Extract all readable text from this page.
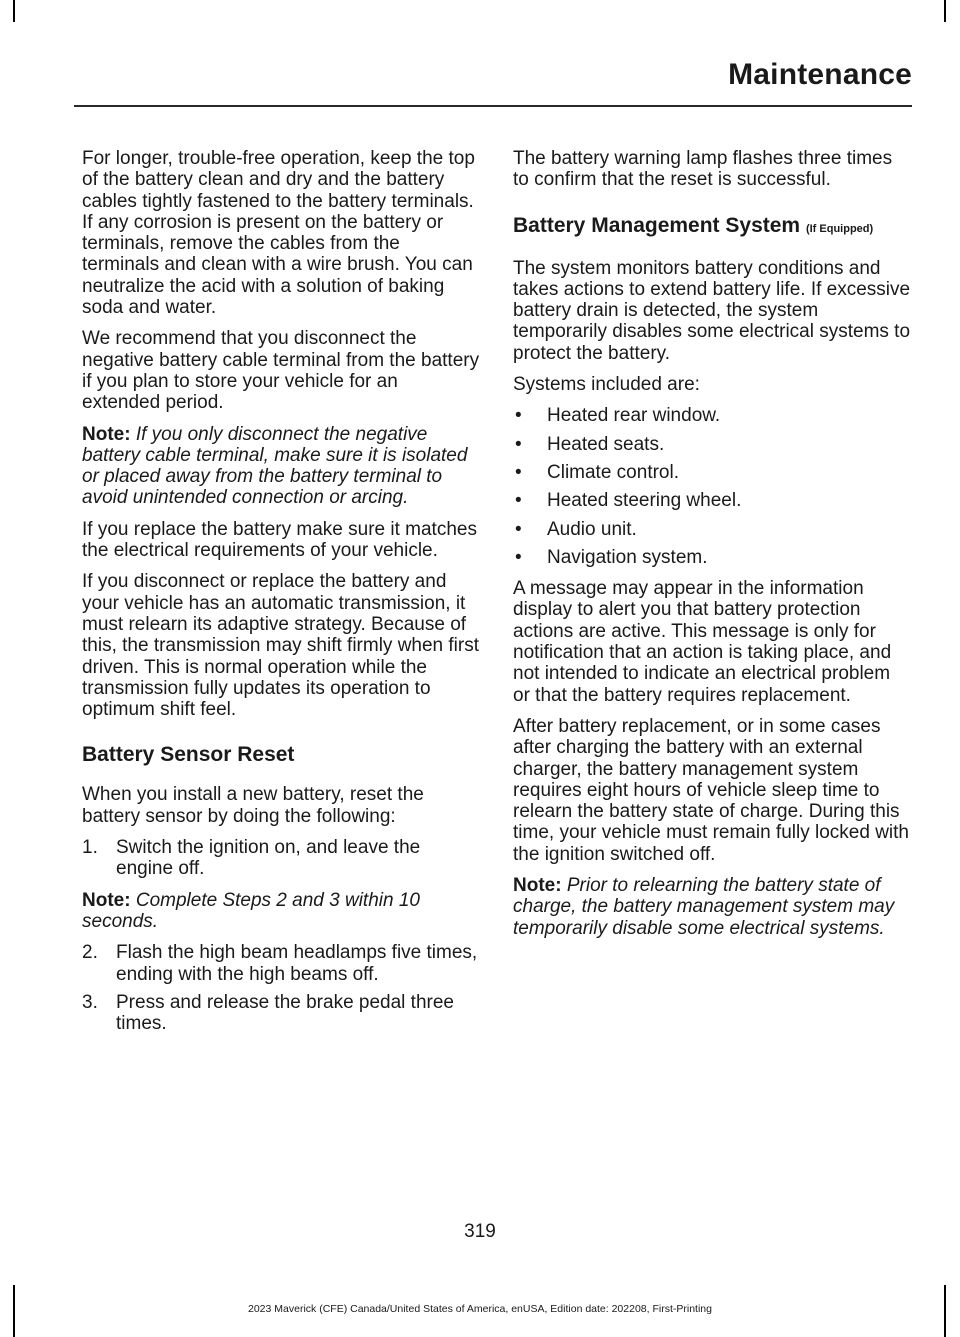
Maintenance

For longer, trouble-free operation, keep the top of the battery clean and dry and the battery cables tightly fastened to the battery terminals. If any corrosion is present on the battery or terminals, remove the cables from the terminals and clean with a wire brush. You can neutralize the acid with a solution of baking soda and water.

We recommend that you disconnect the negative battery cable terminal from the battery if you plan to store your vehicle for an extended period.

Note: If you only disconnect the negative battery cable terminal, make sure it is isolated or placed away from the battery terminal to avoid unintended connection or arcing.

If you replace the battery make sure it matches the electrical requirements of your vehicle.

If you disconnect or replace the battery and your vehicle has an automatic transmission, it must relearn its adaptive strategy. Because of this, the transmission may shift firmly when first driven. This is normal operation while the transmission fully updates its operation to optimum shift feel.

Battery Sensor Reset

When you install a new battery, reset the battery sensor by doing the following:

1. Switch the ignition on, and leave the engine off.

Note: Complete Steps 2 and 3 within 10 seconds.

2. Flash the high beam headlamps five times, ending with the high beams off.
3. Press and release the brake pedal three times.

The battery warning lamp flashes three times to confirm that the reset is successful.

Battery Management System (If Equipped)

The system monitors battery conditions and takes actions to extend battery life. If excessive battery drain is detected, the system temporarily disables some electrical systems to protect the battery.

Systems included are:

• Heated rear window.
• Heated seats.
• Climate control.
• Heated steering wheel.
• Audio unit.
• Navigation system.

A message may appear in the information display to alert you that battery protection actions are active. This message is only for notification that an action is taking place, and not intended to indicate an electrical problem or that the battery requires replacement.

After battery replacement, or in some cases after charging the battery with an external charger, the battery management system requires eight hours of vehicle sleep time to relearn the battery state of charge. During this time, your vehicle must remain fully locked with the ignition switched off.

Note: Prior to relearning the battery state of charge, the battery management system may temporarily disable some electrical systems.

319
2023 Maverick (CFE) Canada/United States of America, enUSA, Edition date: 202208, First-Printing
